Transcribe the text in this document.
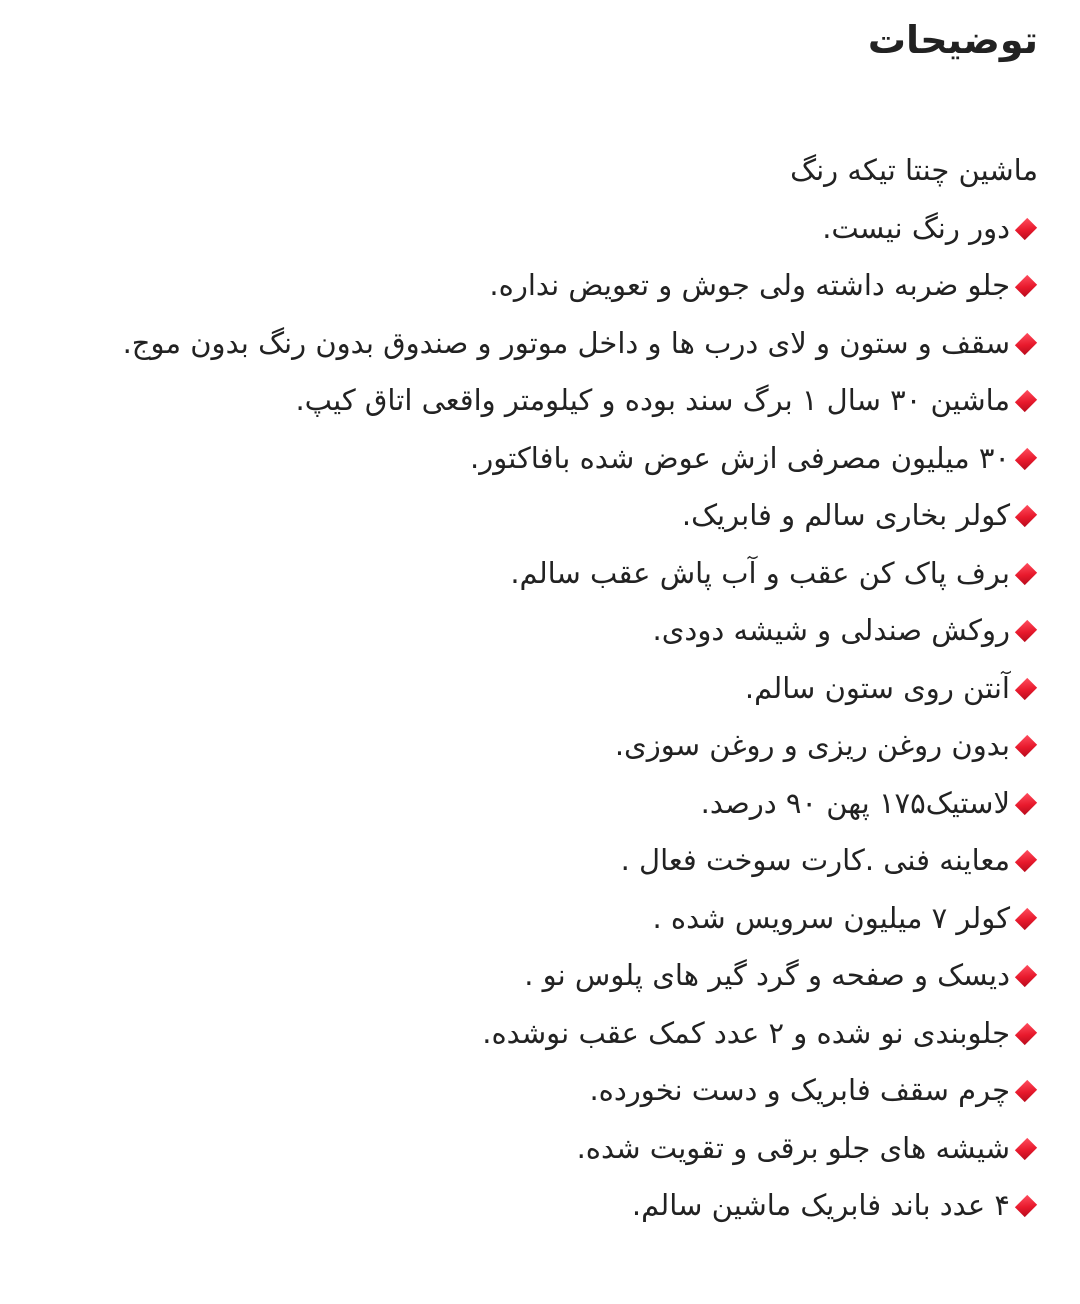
توضیحات
ماشین چنتا تیکه رنگ
دور رنگ نیست.
جلو ضربه داشته ولی جوش و تعویض نداره.
سقف و ستون و لای درب ها و داخل موتور و صندوق بدون رنگ بدون موج.
ماشین ۳۰ سال ۱ برگ سند بوده و کیلومتر واقعی اتاق کیپ.
۳۰ میلیون مصرفی ازش عوض شده بافاکتور.
کولر بخاری سالم و فابریک.
برف پاک کن عقب و آب پاش عقب سالم.
روکش صندلی و شیشه دودی.
آنتن روی ستون سالم.
بدون روغن ریزی و روغن سوزی.
لاستیک۱۷۵ پهن ۹۰ درصد.
معاینه فنی .کارت سوخت فعال .
کولر ۷ میلیون سرویس شده .
دیسک و صفحه و گرد گیر های پلوس نو .
جلوبندی نو شده و ۲ عدد کمک عقب نوشده.
چرم سقف فابریک و دست نخورده.
شیشه های جلو برقی و تقویت شده.
۴ عدد باند فابریک ماشین سالم.
